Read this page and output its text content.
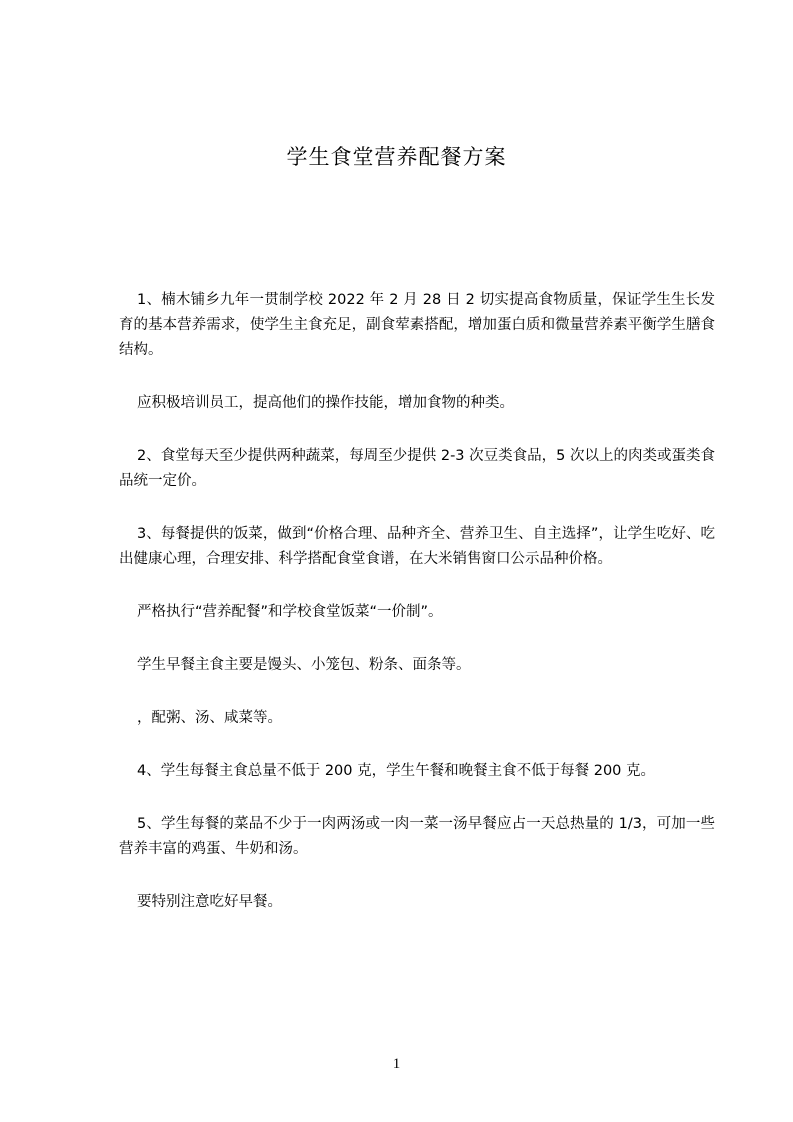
学生食堂营养配餐方案

1、楠木铺乡九年一贯制学校 2022 年 2 月 28 日 2 切实提高食物质量，保证学生生长发育的基本营养需求，使学生主食充足，副食荤素搭配，增加蛋白质和微量营养素平衡学生膳食结构。

应积极培训员工，提高他们的操作技能，增加食物的种类。

2、食堂每天至少提供两种蔬菜，每周至少提供 2-3 次豆类食品，5 次以上的肉类或蛋类食品统一定价。

3、每餐提供的饭菜，做到“价格合理、品种齐全、营养卫生、自主选择”，让学生吃好、吃出健康心理，合理安排、科学搭配食堂食谱，在大米销售窗口公示品种价格。

严格执行“营养配餐”和学校食堂饭菜“一价制”。

学生早餐主食主要是馒头、小笼包、粉条、面条等。

，配粥、汤、咸菜等。

4、学生每餐主食总量不低于 200 克，学生午餐和晚餐主食不低于每餐 200 克。

5、学生每餐的菜品不少于一肉两汤或一肉一菜一汤早餐应占一天总热量的 1/3，可加一些营养丰富的鸡蛋、牛奶和汤。

要特别注意吃好早餐。

1
